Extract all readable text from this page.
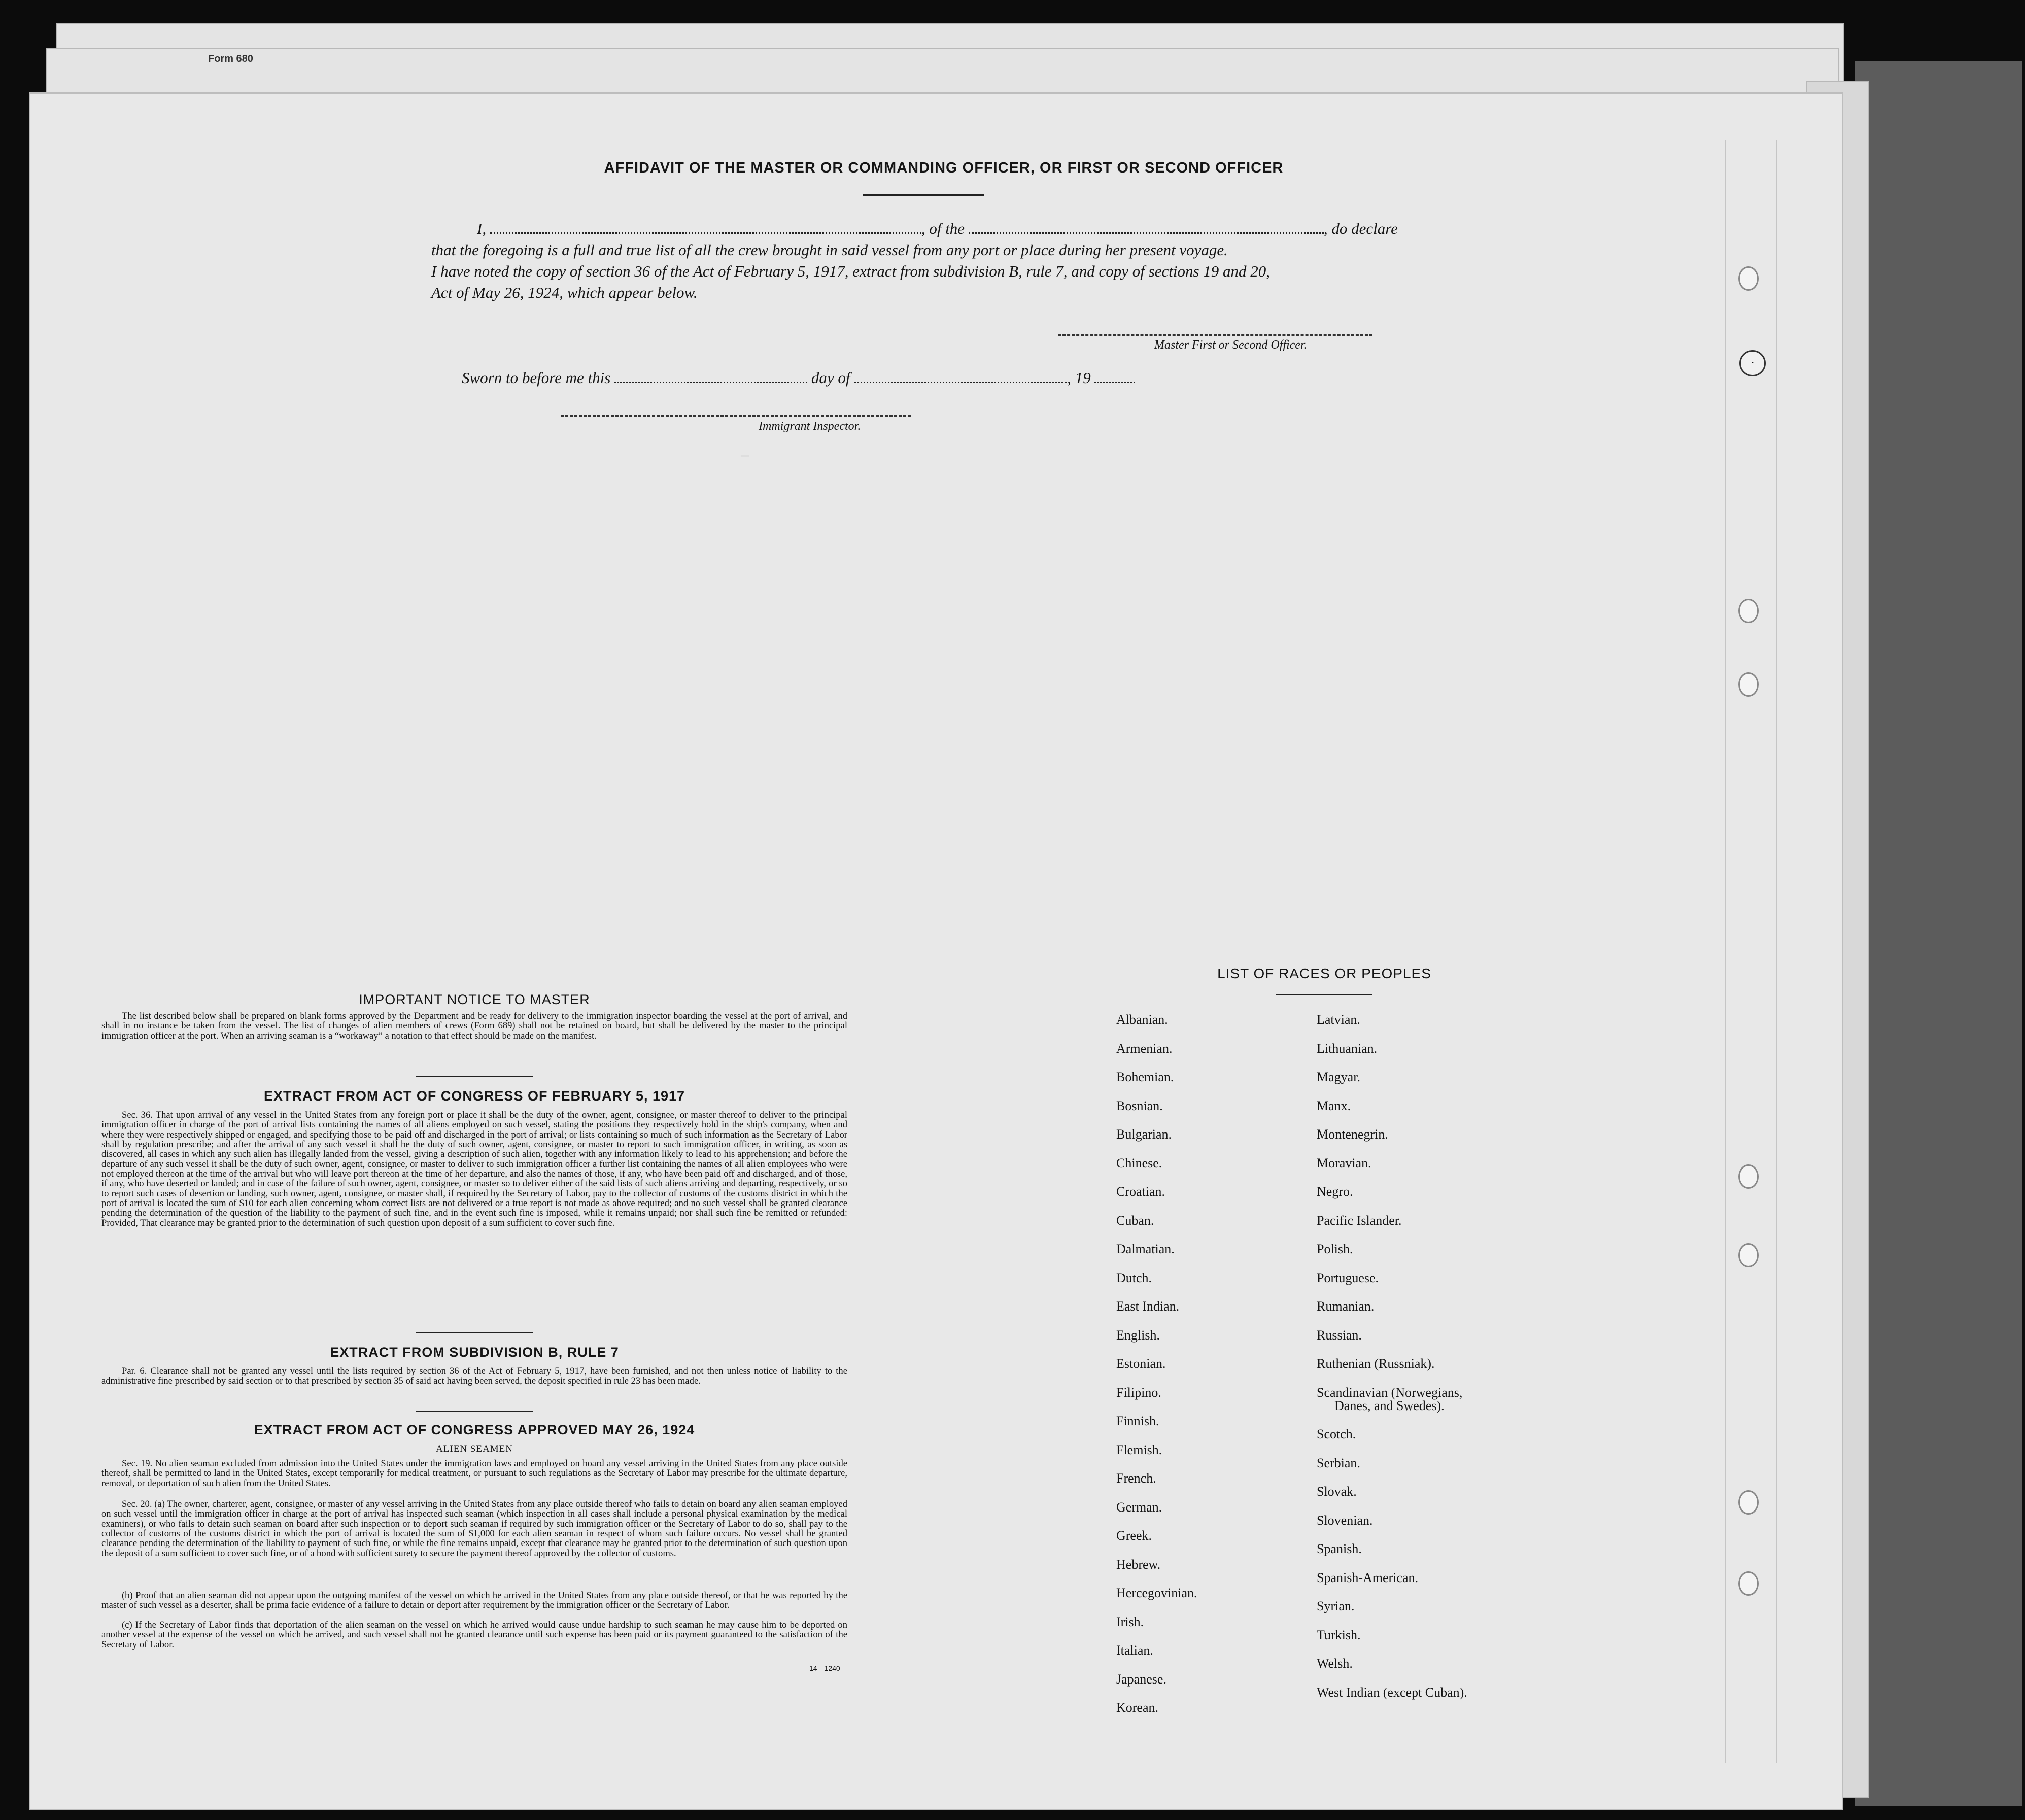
Form 680
─
AFFIDAVIT OF THE MASTER OR COMMANDING OFFICER, OR FIRST OR SECOND OFFICER
I,	, of the	, do declare
that the foregoing is a full and true list of all the crew brought in said vessel from any port or place during her present voyage.
I have noted the copy of section 36 of the Act of February 5, 1917, extract from subdivision B, rule 7, and copy of sections 19 and 20,
Act of May 26, 1924, which appear below.
Master First or Second Officer.
Sworn to before me this	day of	, 19
Immigrant Inspector.
IMPORTANT NOTICE TO MASTER

The list described below shall be prepared on blank forms approved by the Department and be ready for delivery to the immigration inspector boarding the vessel at the port of arrival, and shall in no instance be taken from the vessel. The list of changes of alien members of crews (Form 689) shall not be retained on board, but shall be delivered by the master to the principal immigration officer at the port. When an arriving seaman is a “workaway” a notation to that effect should be made on the manifest.

EXTRACT FROM ACT OF CONGRESS OF FEBRUARY 5, 1917

Sec. 36. That upon arrival of any vessel in the United States from any foreign port or place it shall be the duty of the owner, agent, consignee, or master thereof to deliver to the principal immigration officer in charge of the port of arrival lists containing the names of all aliens employed on such vessel, stating the positions they respectively hold in the ship's company, when and where they were respectively shipped or engaged, and specifying those to be paid off and discharged in the port of arrival; or lists containing so much of such information as the Secretary of Labor shall by regulation prescribe; and after the arrival of any such vessel it shall be the duty of such owner, agent, consignee, or master to report to such immigration officer, in writing, as soon as discovered, all cases in which any such alien has illegally landed from the vessel, giving a description of such alien, together with any information likely to lead to his apprehension; and before the departure of any such vessel it shall be the duty of such owner, agent, consignee, or master to deliver to such immigration officer a further list containing the names of all alien employees who were not employed thereon at the time of the arrival but who will leave port thereon at the time of her departure, and also the names of those, if any, who have been paid off and discharged, and of those, if any, who have deserted or landed; and in case of the failure of such owner, agent, consignee, or master so to deliver either of the said lists of such aliens arriving and departing, respectively, or so to report such cases of desertion or landing, such owner, agent, consignee, or master shall, if required by the Secretary of Labor, pay to the collector of customs of the customs district in which the port of arrival is located the sum of $10 for each alien concerning whom correct lists are not delivered or a true report is not made as above required; and no such vessel shall be granted clearance pending the determination of the question of the liability to the payment of such fine, and in the event such fine is imposed, while it remains unpaid; nor shall such fine be remitted or refunded: Provided, That clearance may be granted prior to the determination of such question upon deposit of a sum sufficient to cover such fine.

EXTRACT FROM SUBDIVISION B, RULE 7

Par. 6. Clearance shall not be granted any vessel until the lists required by section 36 of the Act of February 5, 1917, have been furnished, and not then unless notice of liability to the administrative fine prescribed by said section or to that prescribed by section 35 of said act having been served, the deposit specified in rule 23 has been made.

EXTRACT FROM ACT OF CONGRESS APPROVED MAY 26, 1924
ALIEN SEAMEN

Sec. 19. No alien seaman excluded from admission into the United States under the immigration laws and employed on board any vessel arriving in the United States from any place outside thereof, shall be permitted to land in the United States, except temporarily for medical treatment, or pursuant to such regulations as the Secretary of Labor may prescribe for the ultimate departure, removal, or deportation of such alien from the United States.

Sec. 20. (a) The owner, charterer, agent, consignee, or master of any vessel arriving in the United States from any place outside thereof who fails to detain on board any alien seaman employed on such vessel until the immigration officer in charge at the port of arrival has inspected such seaman (which inspection in all cases shall include a personal physical examination by the medical examiners), or who fails to detain such seaman on board after such inspection or to deport such seaman if required by such immigration officer or the Secretary of Labor to do so, shall pay to the collector of customs of the customs district in which the port of arrival is located the sum of $1,000 for each alien seaman in respect of whom such failure occurs. No vessel shall be granted clearance pending the determination of the liability to payment of such fine, or while the fine remains unpaid, except that clearance may be granted prior to the determination of such question upon the deposit of a sum sufficient to cover such fine, or of a bond with sufficient surety to secure the payment thereof approved by the collector of customs.

(b) Proof that an alien seaman did not appear upon the outgoing manifest of the vessel on which he arrived in the United States from any place outside thereof, or that he was reported by the master of such vessel as a deserter, shall be prima facie evidence of a failure to detain or deport after requirement by the immigration officer or the Secretary of Labor.

(c) If the Secretary of Labor finds that deportation of the alien seaman on the vessel on which he arrived would cause undue hardship to such seaman he may cause him to be deported on another vessel at the expense of the vessel on which he arrived, and such vessel shall not be granted clearance until such expense has been paid or its payment guaranteed to the satisfaction of the Secretary of Labor.

14—1240
LIST OF RACES OR PEOPLES
Albanian.
Armenian.
Bohemian.
Bosnian.
Bulgarian.
Chinese.
Croatian.
Cuban.
Dalmatian.
Dutch.
East Indian.
English.
Estonian.
Filipino.
Finnish.
Flemish.
French.
German.
Greek.
Hebrew.
Hercegovinian.
Irish.
Italian.
Japanese.
Korean.
Latvian.
Lithuanian.
Magyar.
Manx.
Montenegrin.
Moravian.
Negro.
Pacific Islander.
Polish.
Portuguese.
Rumanian.
Russian.
Ruthenian (Russniak).
Scandinavian (Norwegians,
Danes, and Swedes).
Scotch.
Serbian.
Slovak.
Slovenian.
Spanish.
Spanish-American.
Syrian.
Turkish.
Welsh.
West Indian (except Cuban).
•
